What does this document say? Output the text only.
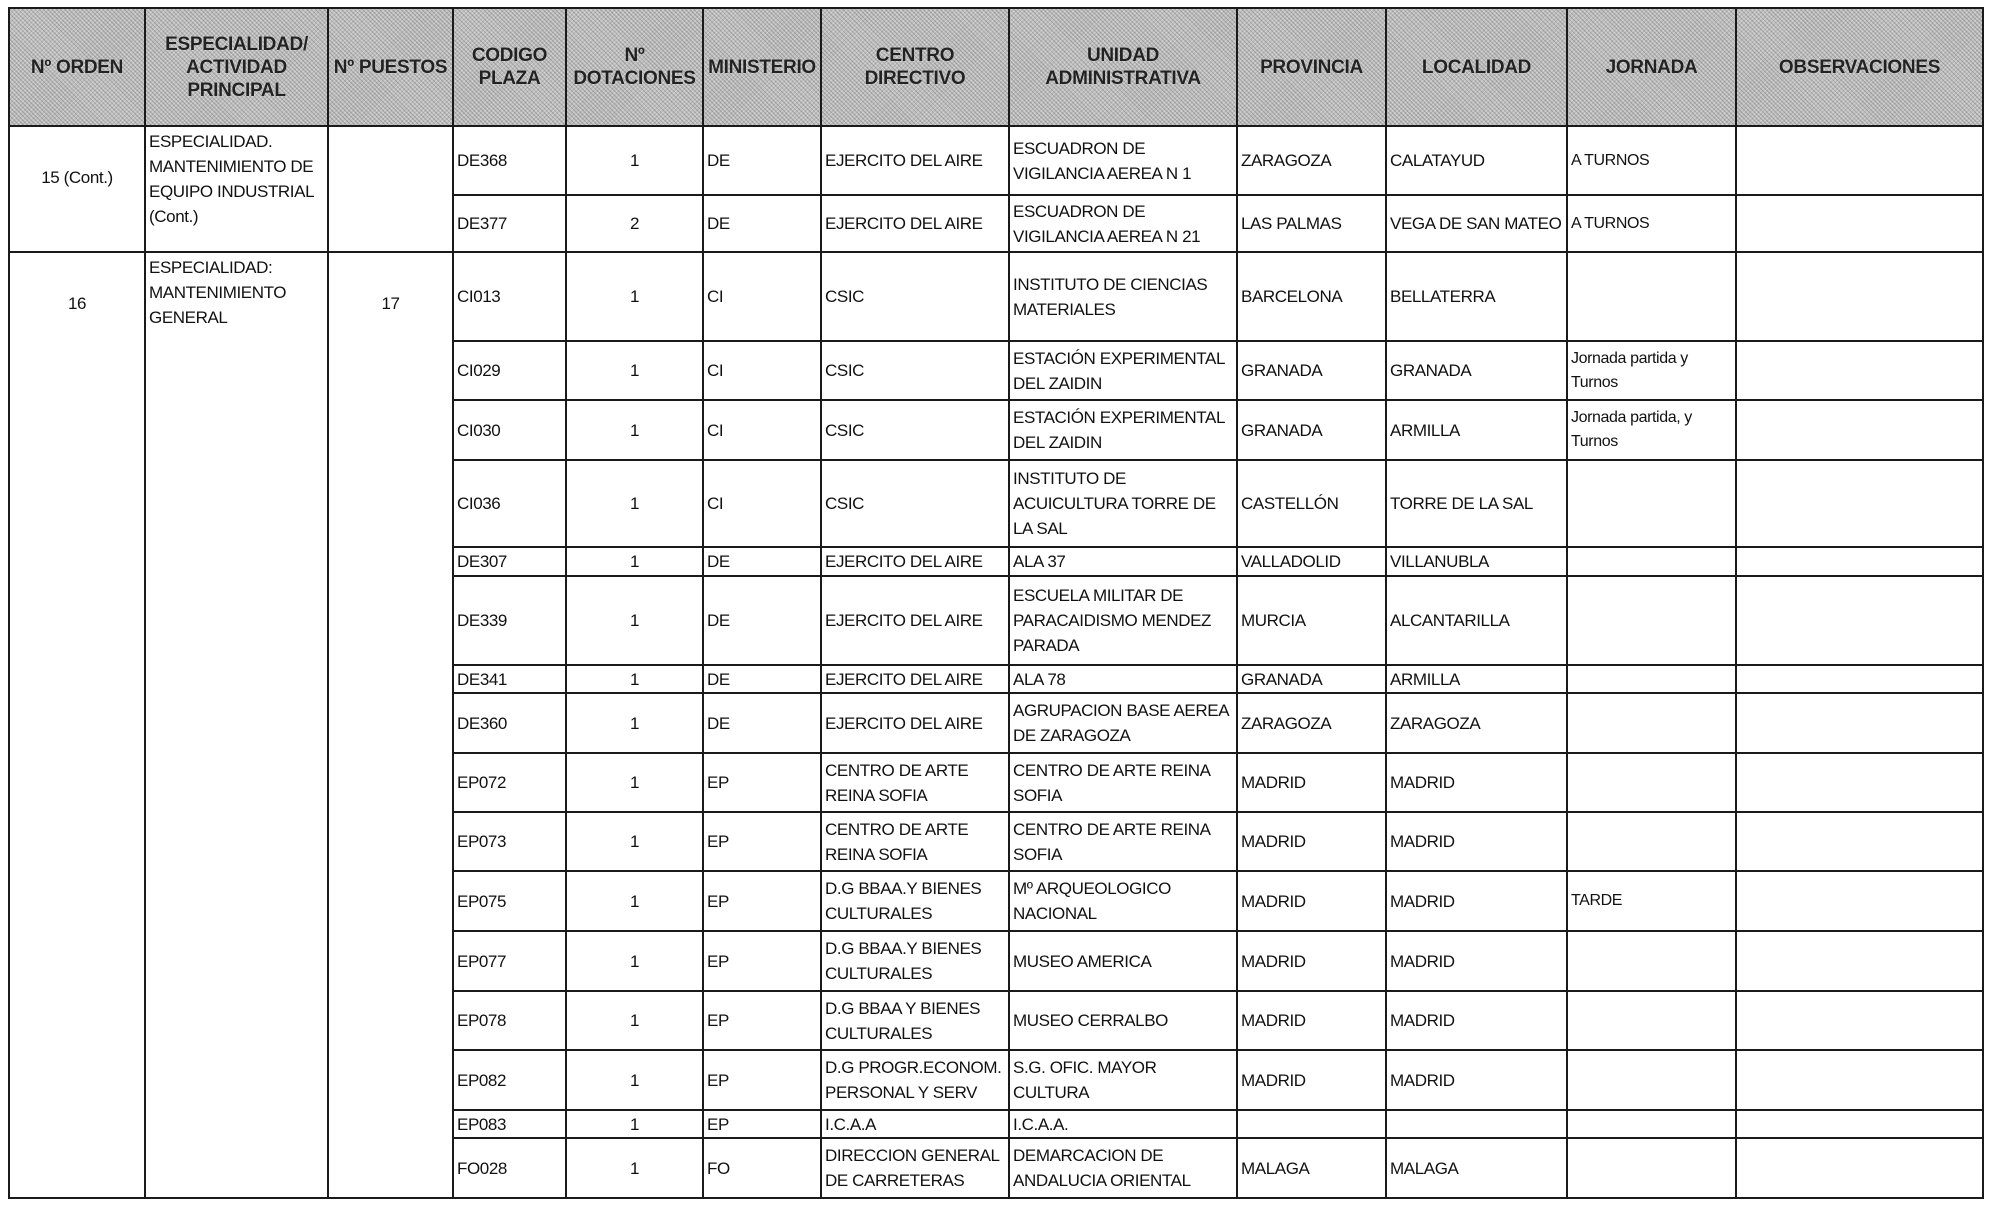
Nº ORDEN	ESPECIALIDAD/ ACTIVIDAD PRINCIPAL	Nº PUESTOS	CODIGO PLAZA	Nº DOTACIONES	MINISTERIO	CENTRO DIRECTIVO	UNIDAD ADMINISTRATIVA	PROVINCIA	LOCALIDAD	JORNADA	OBSERVACIONES
15 (Cont.)	ESPECIALIDAD. MANTENIMIENTO DE EQUIPO INDUSTRIAL (Cont.)		DE368	1	DE	EJERCITO DEL AIRE	ESCUADRON DE VIGILANCIA AEREA N 1	ZARAGOZA	CALATAYUD	A TURNOS	
			DE377	2	DE	EJERCITO DEL AIRE	ESCUADRON DE VIGILANCIA AEREA N 21	LAS PALMAS	VEGA DE SAN MATEO	A TURNOS	
16	ESPECIALIDAD: MANTENIMIENTO GENERAL	17	CI013	1	CI	CSIC	INSTITUTO DE CIENCIAS MATERIALES	BARCELONA	BELLATERRA		
			CI029	1	CI	CSIC	ESTACIÓN EXPERIMENTAL DEL ZAIDIN	GRANADA	GRANADA	Jornada partida y Turnos	
			CI030	1	CI	CSIC	ESTACIÓN EXPERIMENTAL DEL ZAIDIN	GRANADA	ARMILLA	Jornada partida, y Turnos	
			CI036	1	CI	CSIC	INSTITUTO DE ACUICULTURA TORRE DE LA SAL	CASTELLÓN	TORRE DE LA SAL		
			DE307	1	DE	EJERCITO DEL AIRE	ALA 37	VALLADOLID	VILLANUBLA		
			DE339	1	DE	EJERCITO DEL AIRE	ESCUELA MILITAR DE PARACAIDISMO MENDEZ PARADA	MURCIA	ALCANTARILLA		
			DE341	1	DE	EJERCITO DEL AIRE	ALA 78	GRANADA	ARMILLA		
			DE360	1	DE	EJERCITO DEL AIRE	AGRUPACION BASE AEREA DE ZARAGOZA	ZARAGOZA	ZARAGOZA		
			EP072	1	EP	CENTRO DE ARTE REINA SOFIA	CENTRO DE ARTE REINA SOFIA	MADRID	MADRID		
			EP073	1	EP	CENTRO DE ARTE REINA SOFIA	CENTRO DE ARTE REINA SOFIA	MADRID	MADRID		
			EP075	1	EP	D.G BBAA.Y BIENES CULTURALES	Mº ARQUEOLOGICO NACIONAL	MADRID	MADRID	TARDE	
			EP077	1	EP	D.G BBAA.Y BIENES CULTURALES	MUSEO AMERICA	MADRID	MADRID		
			EP078	1	EP	D.G BBAA Y BIENES CULTURALES	MUSEO CERRALBO	MADRID	MADRID		
			EP082	1	EP	D.G PROGR.ECONOM. PERSONAL Y SERV	S.G. OFIC. MAYOR CULTURA	MADRID	MADRID		
			EP083	1	EP	I.C.A.A	I.C.A.A.				
			FO028	1	FO	DIRECCION GENERAL DE CARRETERAS	DEMARCACION DE ANDALUCIA ORIENTAL	MALAGA	MALAGA		
